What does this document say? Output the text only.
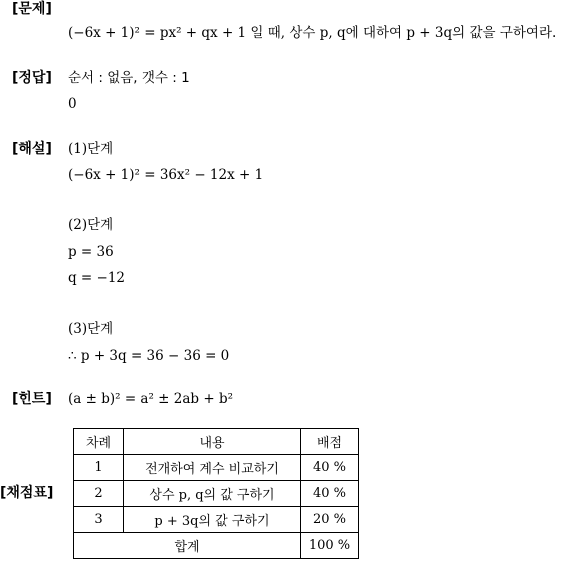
[문제]
(−6x + 1)² = px² + qx + 1 일 때, 상수 p, q에 대하여 p + 3q의 값을 구하여라.
[정답] 순서 : 없음, 갯수 : 1
0
[해설] (1)단계
(−6x + 1)² = 36x² − 12x + 1
(2)단계
p = 36
q = −12
(3)단계
∴ p + 3q = 36 − 36 = 0
[힌트] (a ± b)² = a² ± 2ab + b²
[채점표]
차례	내용	배점
1	전개하여 계수 비교하기	40 %
2	상수 p, q의 값 구하기	40 %
3	p + 3q의 값 구하기	20 %
합계		100 %
